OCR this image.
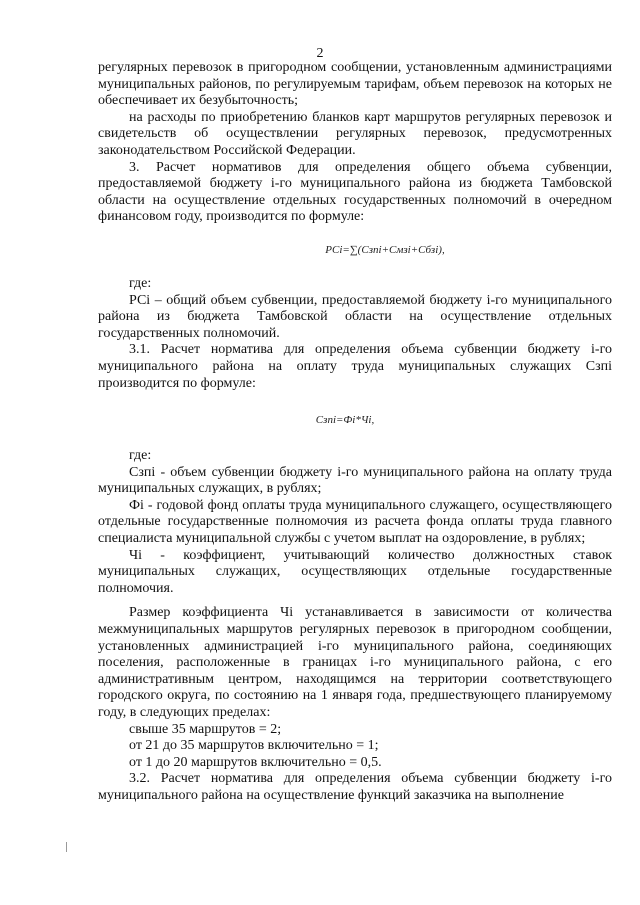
2

регулярных перевозок в пригородном сообщении, установленным администрациями муниципальных районов, по регулируемым тарифам, объем перевозок на которых не обеспечивает их безубыточность;

на расходы по приобретению бланков карт маршрутов регулярных перевозок и свидетельств об осуществлении регулярных перевозок, предусмотренных законодательством Российской Федерации.

3. Расчет нормативов для определения общего объема субвенции, предоставляемой бюджету i-го муниципального района из бюджета Тамбовской области на осуществление отдельных государственных полномочий в очередном финансовом году, производится по формуле:

РСi=∑(Сзпi+Смзi+Сбзi),

где:

РСi – общий объем субвенции, предоставляемой бюджету i-го муниципального района из бюджета Тамбовской области на осуществление отдельных государственных полномочий.

3.1. Расчет норматива для определения объема субвенции бюджету i-го муниципального района на оплату труда муниципальных служащих Сзпi производится по формуле:

Сзпi=Фi*Чi,

где:

Сзпi - объем субвенции бюджету i-го муниципального района на оплату труда муниципальных служащих, в рублях;

Фi - годовой фонд оплаты труда муниципального служащего, осуществляющего отдельные государственные полномочия из расчета фонда оплаты труда главного специалиста муниципальной службы с учетом выплат на оздоровление, в рублях;

Чi - коэффициент, учитывающий количество должностных ставок муниципальных служащих, осуществляющих отдельные государственные полномочия.

Размер коэффициента Чi устанавливается в зависимости от количества межмуниципальных маршрутов регулярных перевозок в пригородном сообщении, установленных администрацией i-го муниципального района, соединяющих поселения, расположенные в границах i-го муниципального района, с его административным центром, находящимся на территории соответствующего городского округа, по состоянию на 1 января года, предшествующего планируемому году, в следующих пределах:

свыше 35 маршрутов = 2;

от 21 до 35 маршрутов включительно = 1;

от 1 до 20 маршрутов включительно = 0,5.

3.2. Расчет норматива для определения объема субвенции бюджету i-го муниципального района на осуществление функций заказчика на выполнение
